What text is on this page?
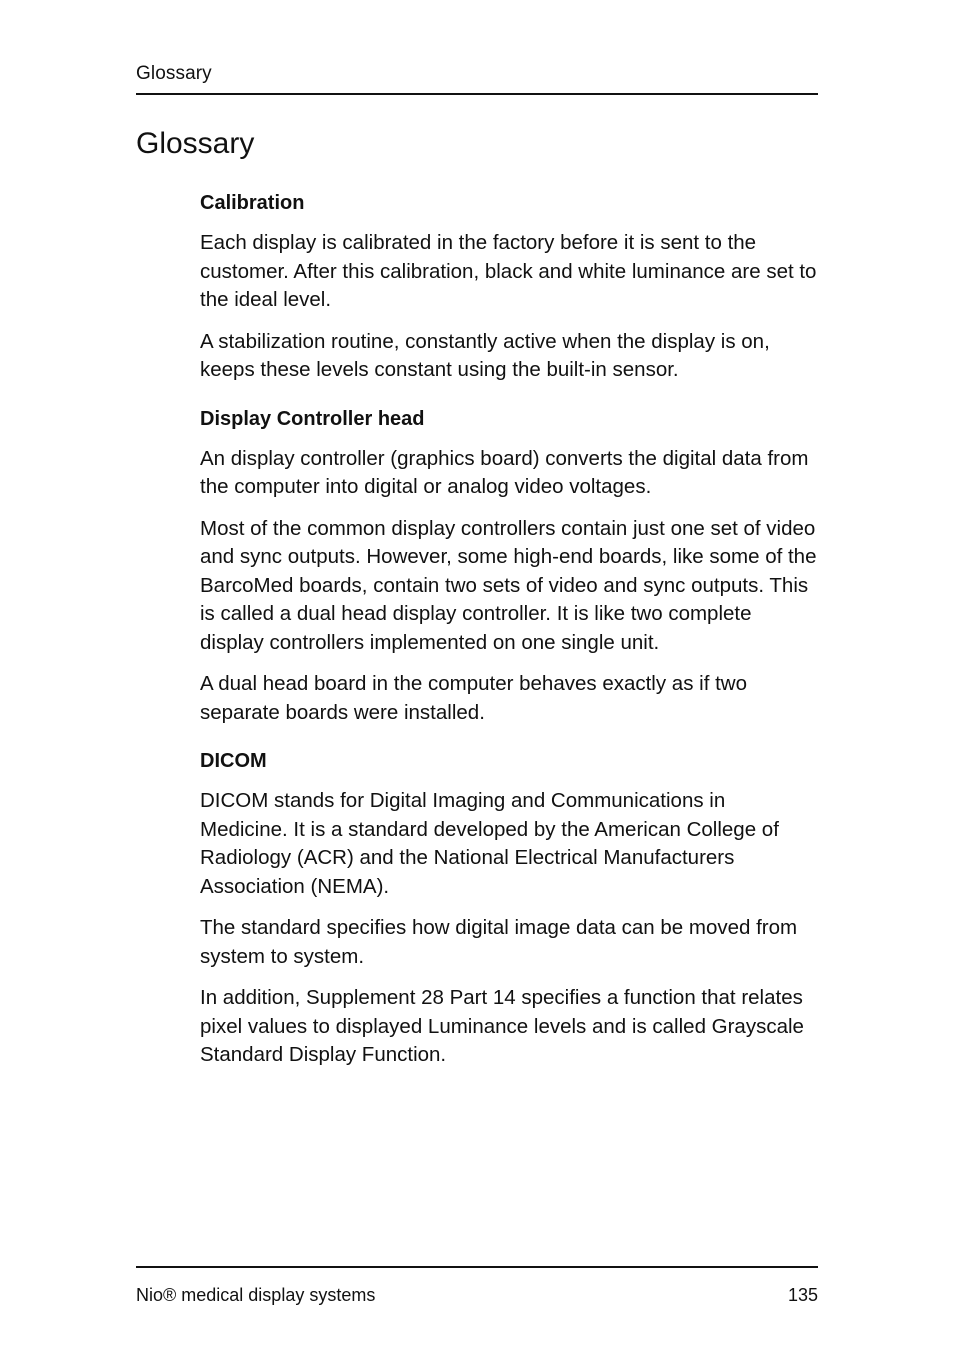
Glossary
Glossary
Calibration

Each display is calibrated in the factory before it is sent to the customer. After this calibration, black and white luminance are set to the ideal level.

A stabilization routine, constantly active when the display is on, keeps these levels constant using the built-in sensor.

Display Controller head

An display controller (graphics board) converts the digital data from the computer into digital or analog video voltages.

Most of the common display controllers contain just one set of video and sync outputs. However, some high-end boards, like some of the BarcoMed boards, contain two sets of video and sync outputs. This is called a dual head display controller. It is like two complete display controllers implemented on one single unit.

A dual head board in the computer behaves exactly as if two separate boards were installed.

DICOM

DICOM stands for Digital Imaging and Communications in Medicine. It is a standard developed by the American College of Radiology (ACR) and the National Electrical Manufacturers Association (NEMA).

The standard specifies how digital image data can be moved from system to system.

In addition, Supplement 28 Part 14 specifies a function that relates pixel values to displayed Luminance levels and is called Grayscale Standard Display Function.

Nio® medical display systems	135
